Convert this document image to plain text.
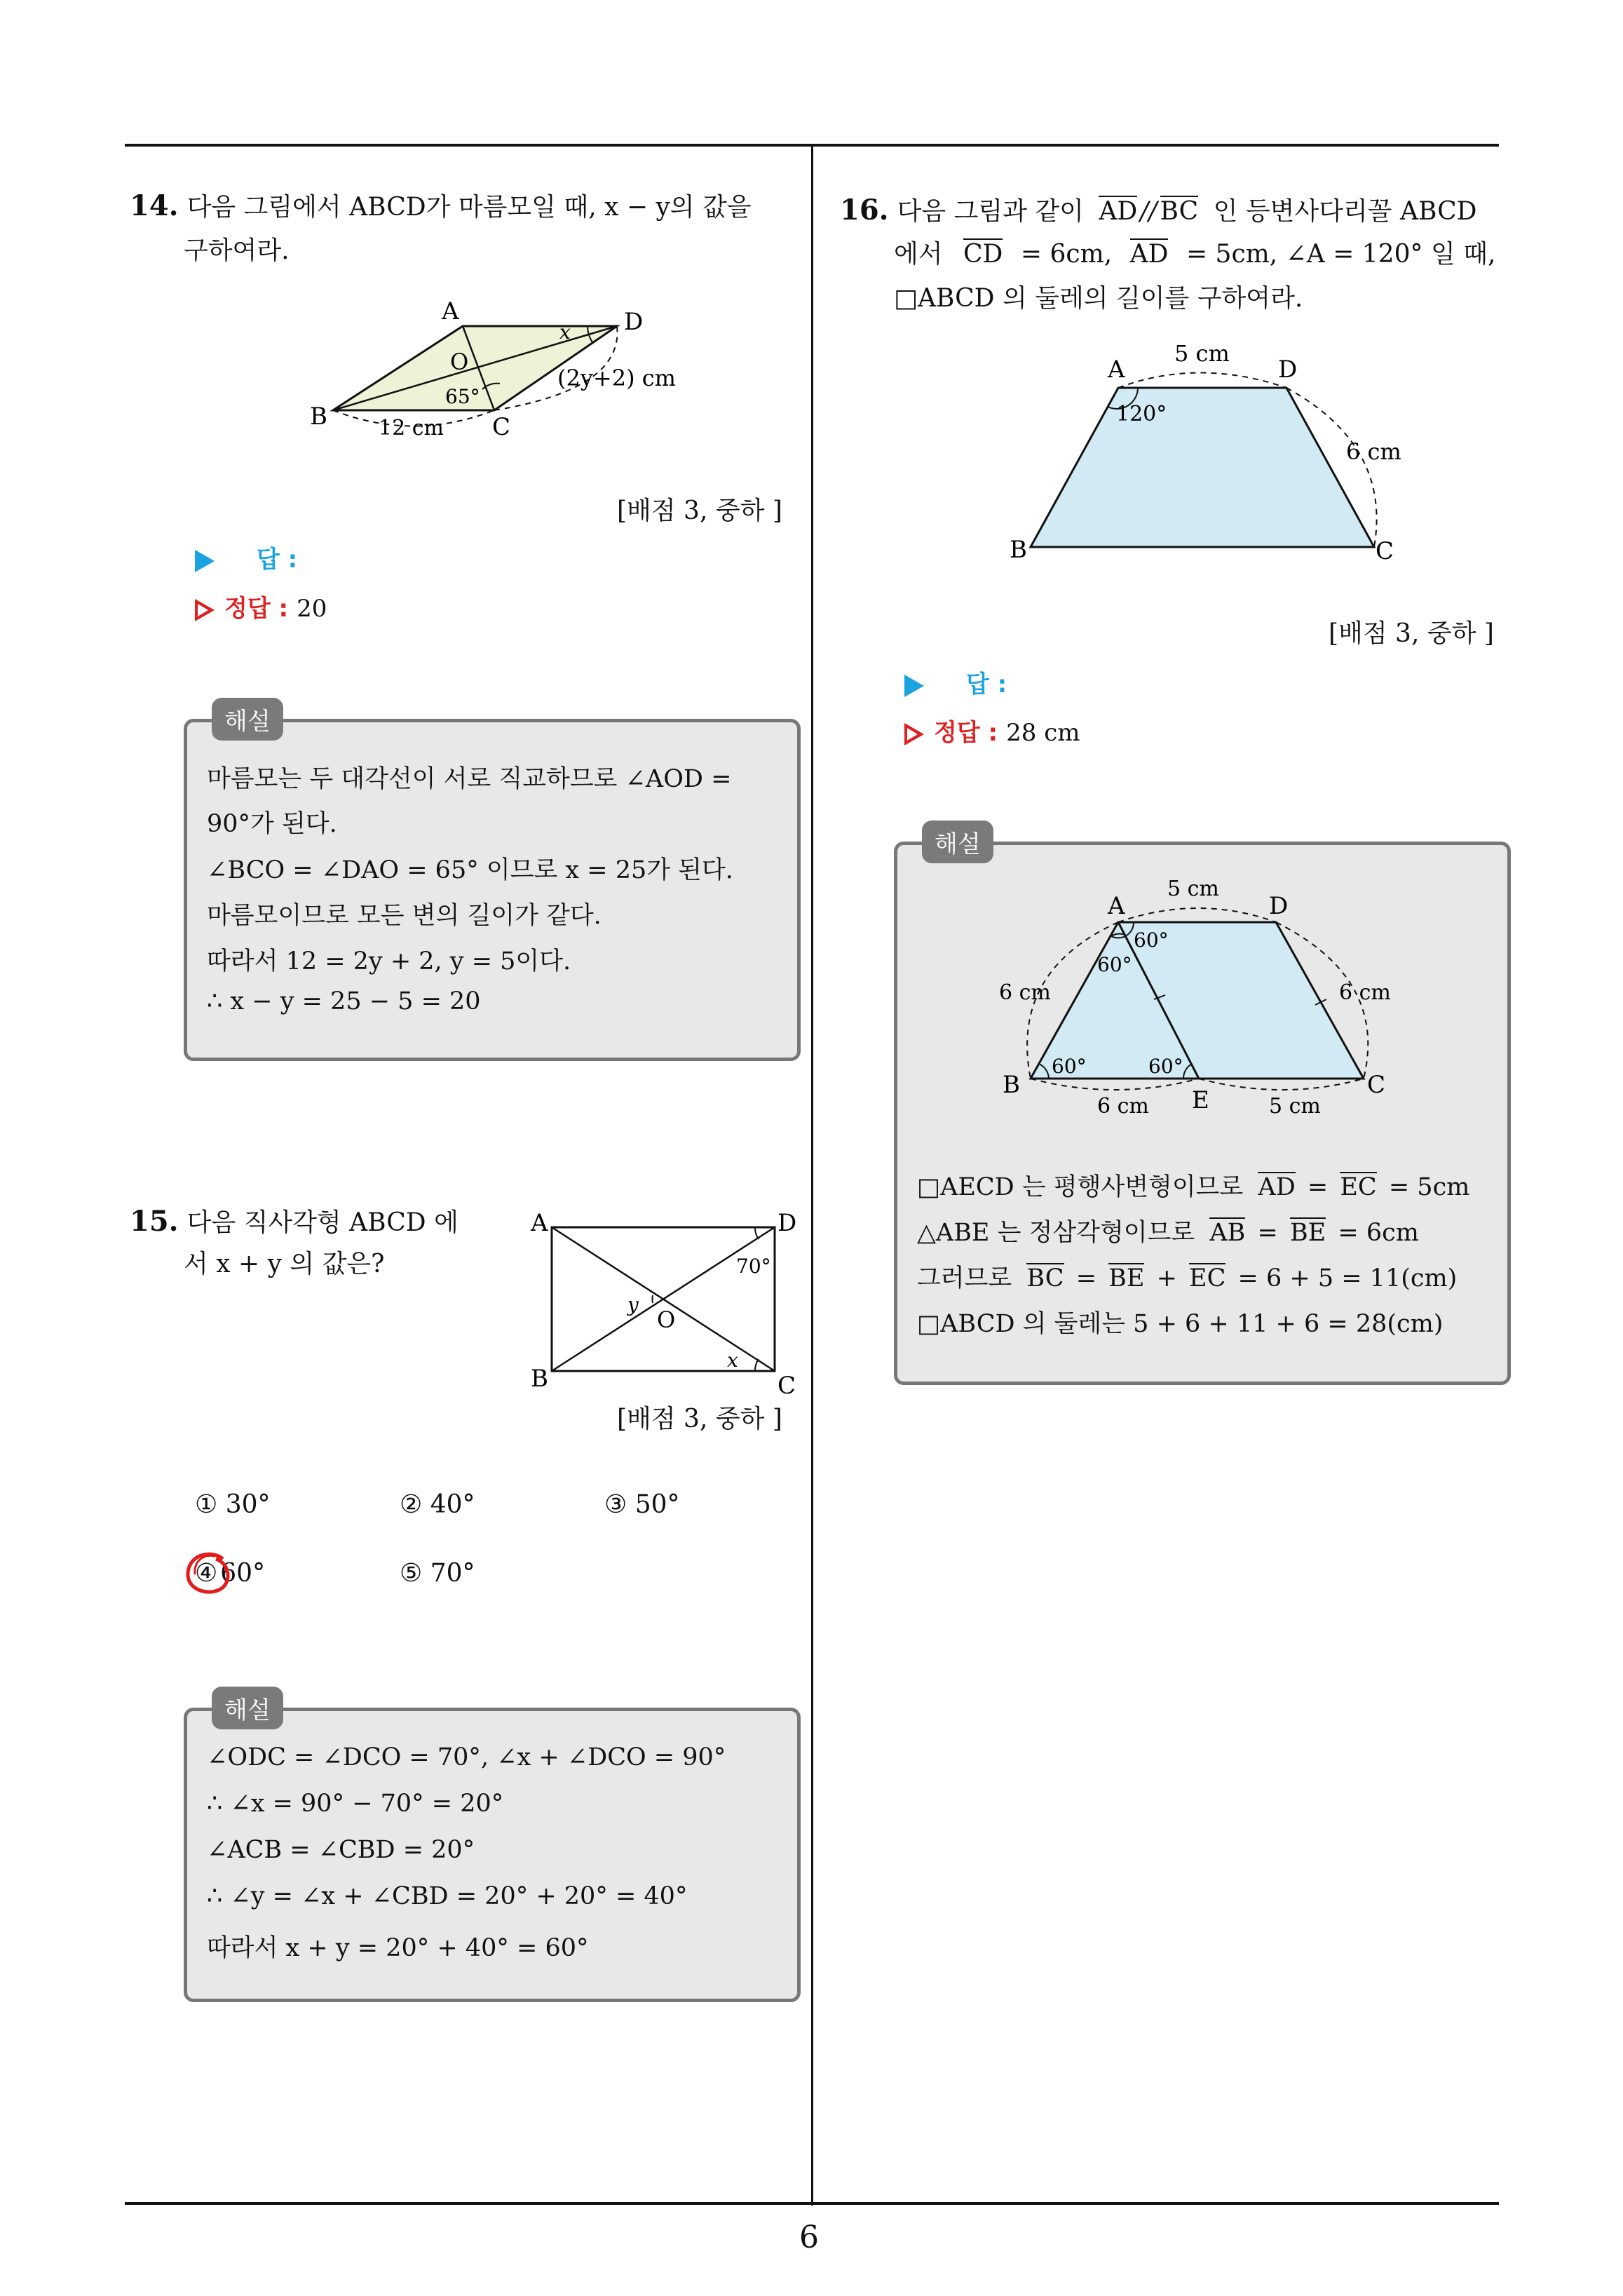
6
14. 다음 그림에서 ABCD가 마름모일 때, x − y의 값을
구하여라.
A	D
B	C
O
x
65°
(2y+2) cm
12 cm
[배점 3, 중하 ]
답 :
정답 : 20
마름모는 두 대각선이 서로 직교하므로 ∠AOD =
90°가 된다.
∠BCO = ∠DAO = 65° 이므로 x = 25가 된다.
마름모이므로 모든 변의 길이가 같다.
따라서 12 = 2y + 2, y = 5이다.
∴ x − y = 25 − 5 = 20
해설
15. 다음 직사각형 ABCD 에
서 x + y 의 값은?
A	D
B	C
O
x
y
70°
[배점 3, 중하 ]
① 30°	② 40°	③ 50°
④ 60°	⑤ 70°
∠ODC = ∠DCO = 70°, ∠x + ∠DCO = 90°
∴ ∠x = 90° − 70° = 20°
∠ACB = ∠CBD = 20°
∴ ∠y = ∠x + ∠CBD = 20° + 20° = 40°
따라서 x + y = 20° + 40° = 60°
해설
16. 다음 그림과 같이 AD // BC 인 등변사다리꼴 ABCD
에서 CD = 6cm, AD = 5cm, ∠A = 120° 일 때,
□ABCD 의 둘레의 길이를 구하여라.
A	D
B	C
5 cm
6 cm
120°
[배점 3, 중하 ]
답 :
정답 : 28 cm
A	D
B	C
E
5 cm
6 cm	6 cm
6 cm	5 cm
60°
60°
60°	60°
□AECD 는 평행사변형이므로 AD = EC = 5cm
△ABE 는 정삼각형이므로 AB = BE = 6cm
그러므로 BC = BE + EC = 6 + 5 = 11(cm)
□ABCD 의 둘레는 5 + 6 + 11 + 6 = 28(cm)
해설
